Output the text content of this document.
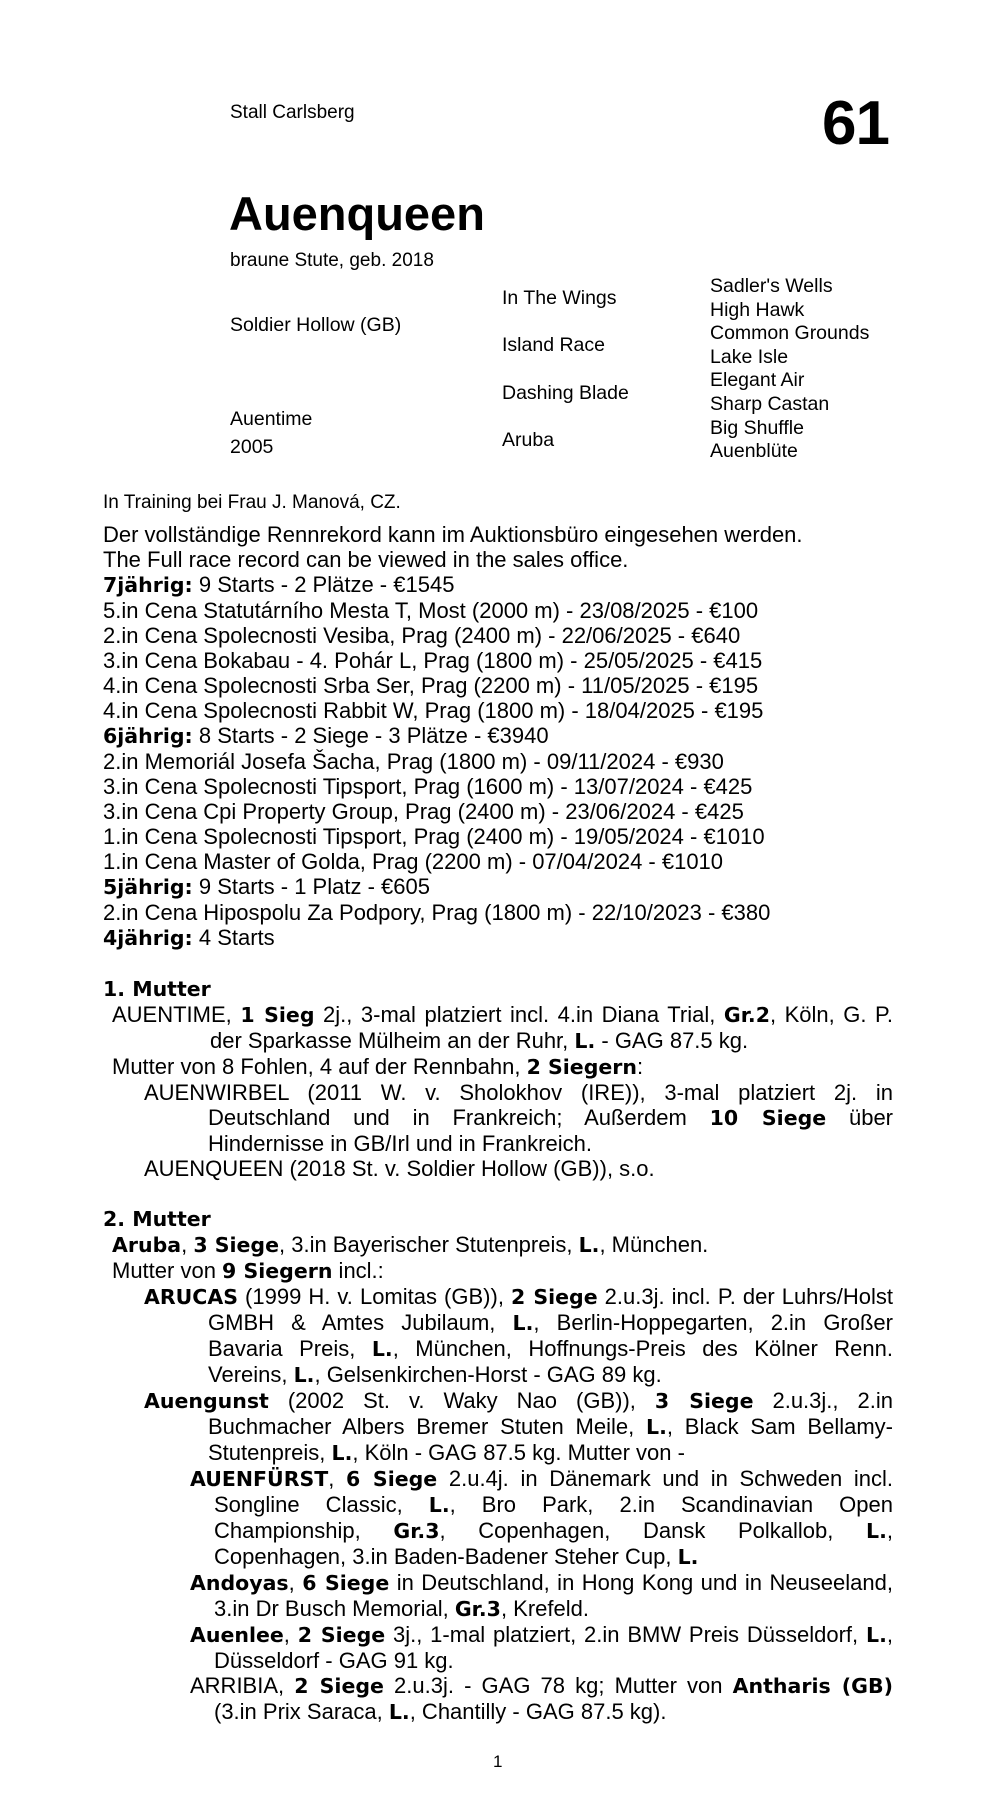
Stall Carlsberg	61
Auenqueen
braune Stute, geb. 2018
Soldier Hollow (GB)
Auentime
2005
In The Wings
Island Race
Dashing Blade
Aruba
Sadler's Wells
High Hawk
Common Grounds
Lake Isle
Elegant Air
Sharp Castan
Big Shuffle
Auenblüte
In Training bei Frau J. Manová, CZ.
Der vollständige Rennrekord kann im Auktionsbüro eingesehen werden.
The Full race record can be viewed in the sales office.
7jährig: 9 Starts - 2 Plätze - €1545
5.in Cena Statutárního Mesta T, Most (2000 m) - 23/08/2025 - €100
2.in Cena Spolecnosti Vesiba, Prag (2400 m) - 22/06/2025 - €640
3.in Cena Bokabau - 4. Pohár L, Prag (1800 m) - 25/05/2025 - €415
4.in Cena Spolecnosti Srba Ser, Prag (2200 m) - 11/05/2025 - €195
4.in Cena Spolecnosti Rabbit W, Prag (1800 m) - 18/04/2025 - €195
6jährig: 8 Starts - 2 Siege - 3 Plätze - €3940
2.in Memoriál Josefa Šacha, Prag (1800 m) - 09/11/2024 - €930
3.in Cena Spolecnosti Tipsport, Prag (1600 m) - 13/07/2024 - €425
3.in Cena Cpi Property Group, Prag (2400 m) - 23/06/2024 - €425
1.in Cena Spolecnosti Tipsport, Prag (2400 m) - 19/05/2024 - €1010
1.in Cena Master of Golda, Prag (2200 m) - 07/04/2024 - €1010
5jährig: 9 Starts - 1 Platz - €605
2.in Cena Hipospolu Za Podpory, Prag (1800 m) - 22/10/2023 - €380
4jährig: 4 Starts
1. Mutter
AUENTIME, 1 Sieg 2j., 3-mal platziert incl. 4.in Diana Trial, Gr.2, Köln, G. P. der Sparkasse Mülheim an der Ruhr, L. - GAG 87.5 kg.
Mutter von 8 Fohlen, 4 auf der Rennbahn, 2 Siegern:
AUENWIRBEL (2011 W. v. Sholokhov (IRE)), 3-mal platziert 2j. in Deutschland und in Frankreich; Außerdem 10 Siege über Hindernisse in GB/Irl und in Frankreich.
AUENQUEEN (2018 St. v. Soldier Hollow (GB)), s.o.
2. Mutter
Aruba, 3 Siege, 3.in Bayerischer Stutenpreis, L., München.
Mutter von 9 Siegern incl.:
ARUCAS (1999 H. v. Lomitas (GB)), 2 Siege 2.u.3j. incl. P. der Luhrs/Holst GMBH & Amtes Jubilaum, L., Berlin-Hoppegarten, 2.in Großer Bavaria Preis, L., München, Hoffnungs-Preis des Kölner Renn. Vereins, L., Gelsenkirchen-Horst - GAG 89 kg.
Auengunst (2002 St. v. Waky Nao (GB)), 3 Siege 2.u.3j., 2.in Buchmacher Albers Bremer Stuten Meile, L., Black Sam Bellamy-Stutenpreis, L., Köln - GAG 87.5 kg. Mutter von -
AUENFÜRST, 6 Siege 2.u.4j. in Dänemark und in Schweden incl. Songline Classic, L., Bro Park, 2.in Scandinavian Open Championship, Gr.3, Copenhagen, Dansk Polkallob, L., Copenhagen, 3.in Baden-Badener Steher Cup, L.
Andoyas, 6 Siege in Deutschland, in Hong Kong und in Neuseeland, 3.in Dr Busch Memorial, Gr.3, Krefeld.
Auenlee, 2 Siege 3j., 1-mal platziert, 2.in BMW Preis Düsseldorf, L., Düsseldorf - GAG 91 kg.
ARRIBIA, 2 Siege 2.u.3j. - GAG 78 kg; Mutter von Antharis (GB) (3.in Prix Saraca, L., Chantilly - GAG 87.5 kg).
1
